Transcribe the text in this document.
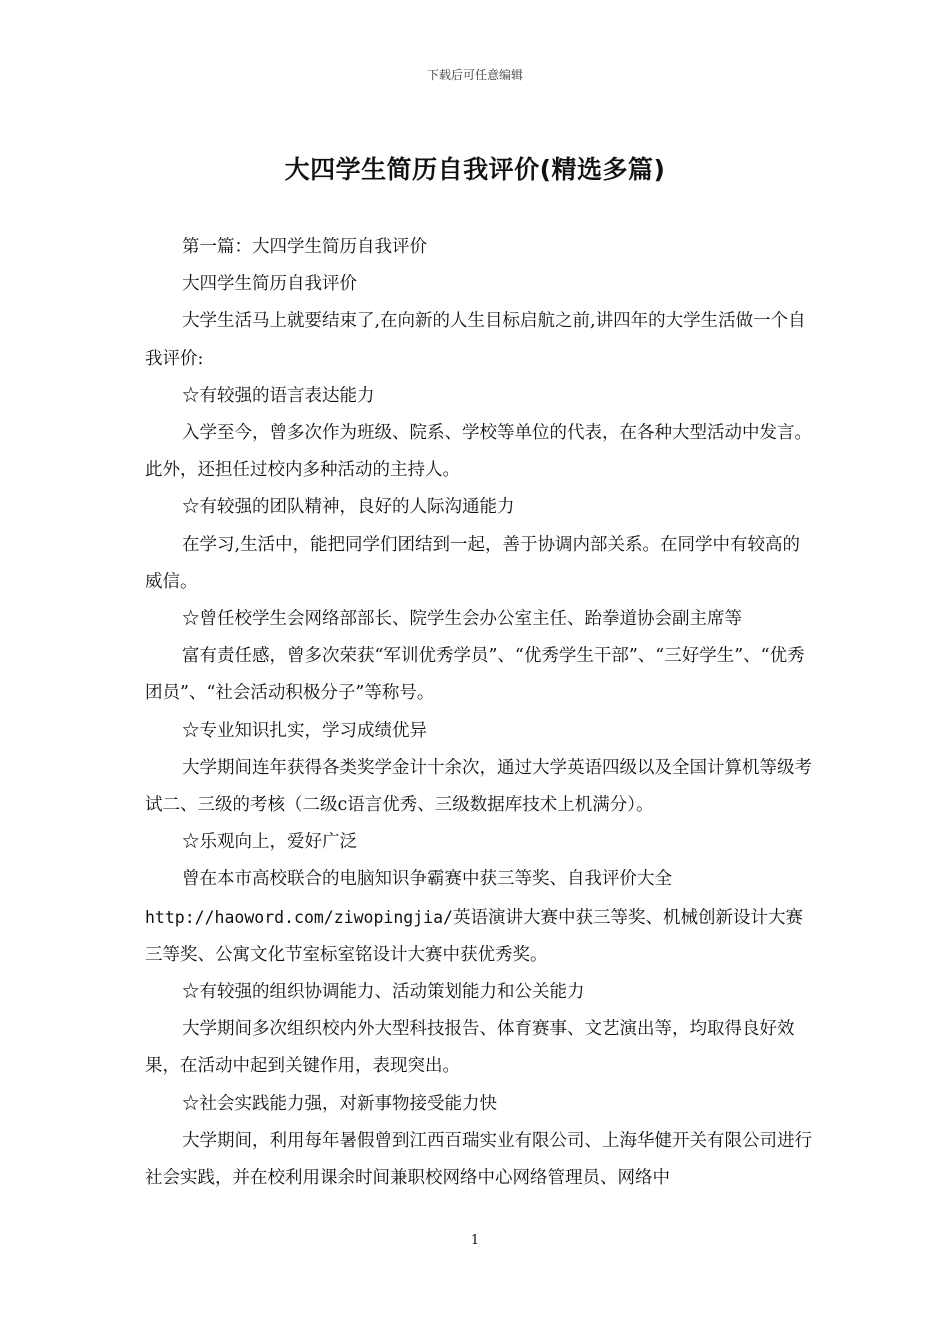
下载后可任意编辑
大四学生简历自我评价(精选多篇)

第一篇：大四学生简历自我评价

大四学生简历自我评价

大学生活马上就要结束了,在向新的人生目标启航之前,讲四年的大学生活做一个自我评价:

☆有较强的语言表达能力

入学至今，曾多次作为班级、院系、学校等单位的代表，在各种大型活动中发言。此外，还担任过校内多种活动的主持人。

☆有较强的团队精神，良好的人际沟通能力

在学习,生活中，能把同学们团结到一起，善于协调内部关系。在同学中有较高的威信。

☆曾任校学生会网络部部长、院学生会办公室主任、跆拳道协会副主席等

富有责任感，曾多次荣获“军训优秀学员”、“优秀学生干部”、“三好学生”、“优秀团员”、“社会活动积极分子”等称号。

☆专业知识扎实，学习成绩优异

大学期间连年获得各类奖学金计十余次，通过大学英语四级以及全国计算机等级考试二、三级的考核（二级c语言优秀、三级数据库技术上机满分）。

☆乐观向上，爱好广泛

曾在本市高校联合的电脑知识争霸赛中获三等奖、自我评价大全http://haoword.com/ziwopingjia/英语演讲大赛中获三等奖、机械创新设计大赛三等奖、公寓文化节室标室铭设计大赛中获优秀奖。

☆有较强的组织协调能力、活动策划能力和公关能力

大学期间多次组织校内外大型科技报告、体育赛事、文艺演出等，均取得良好效果，在活动中起到关键作用，表现突出。

☆社会实践能力强，对新事物接受能力快

大学期间，利用每年暑假曾到江西百瑞实业有限公司、上海华健开关有限公司进行社会实践，并在校利用课余时间兼职校网络中心网络管理员、网络中

1
